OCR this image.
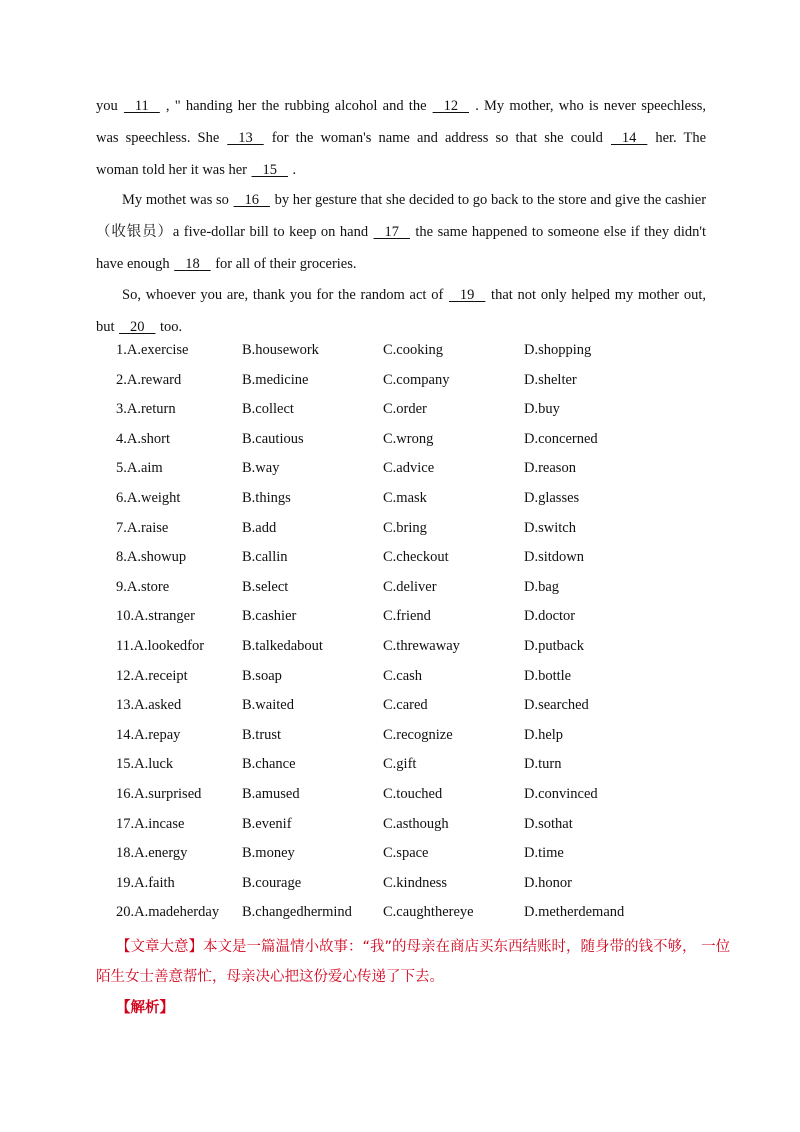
you 11 , " handing her the rubbing alcohol and the 12 . My mother, who is never speechless,
was speechless. She 13 for the woman's name and address so that she could 14 her. The
woman told her it was her 15 .
My mothet was so 16 by her gesture that she decided to go back to the store and give the cashier
（收银员）a five-dollar bill to keep on hand 17 the same happened to someone else if they didn't
have enough 18 for all of their groceries.
So, whoever you are, thank you for the random act of 19 that not only helped my mother out,
but 20 too.
1.A.exercise	B.housework	C.cooking	D.shopping
2.A.reward	B.medicine	C.company	D.shelter
3.A.return	B.collect	C.order	D.buy
4.A.short	B.cautious	C.wrong	D.concerned
5.A.aim	B.way	C.advice	D.reason
6.A.weight	B.things	C.mask	D.glasses
7.A.raise	B.add	C.bring	D.switch
8.A.showup	B.callin	C.checkout	D.sitdown
9.A.store	B.select	C.deliver	D.bag
10.A.stranger	B.cashier	C.friend	D.doctor
11.A.lookedfor	B.talkedabout	C.threwaway	D.putback
12.A.receipt	B.soap	C.cash	D.bottle
13.A.asked	B.waited	C.cared	D.searched
14.A.repay	B.trust	C.recognize	D.help
15.A.luck	B.chance	C.gift	D.turn
16.A.surprised	B.amused	C.touched	D.convinced
17.A.incase	B.evenif	C.asthough	D.sothat
18.A.energy	B.money	C.space	D.time
19.A.faith	B.courage	C.kindness	D.honor
20.A.madeherday B.changedhermind C.caughthereye	D.metherdemand
【文章大意】本文是一篇温情小故事：“我”的母亲在商店买东西结账时，随身带的钱不够， 一位
陌生女士善意帮忙，母亲决心把这份爱心传递了下去。
【解析】
